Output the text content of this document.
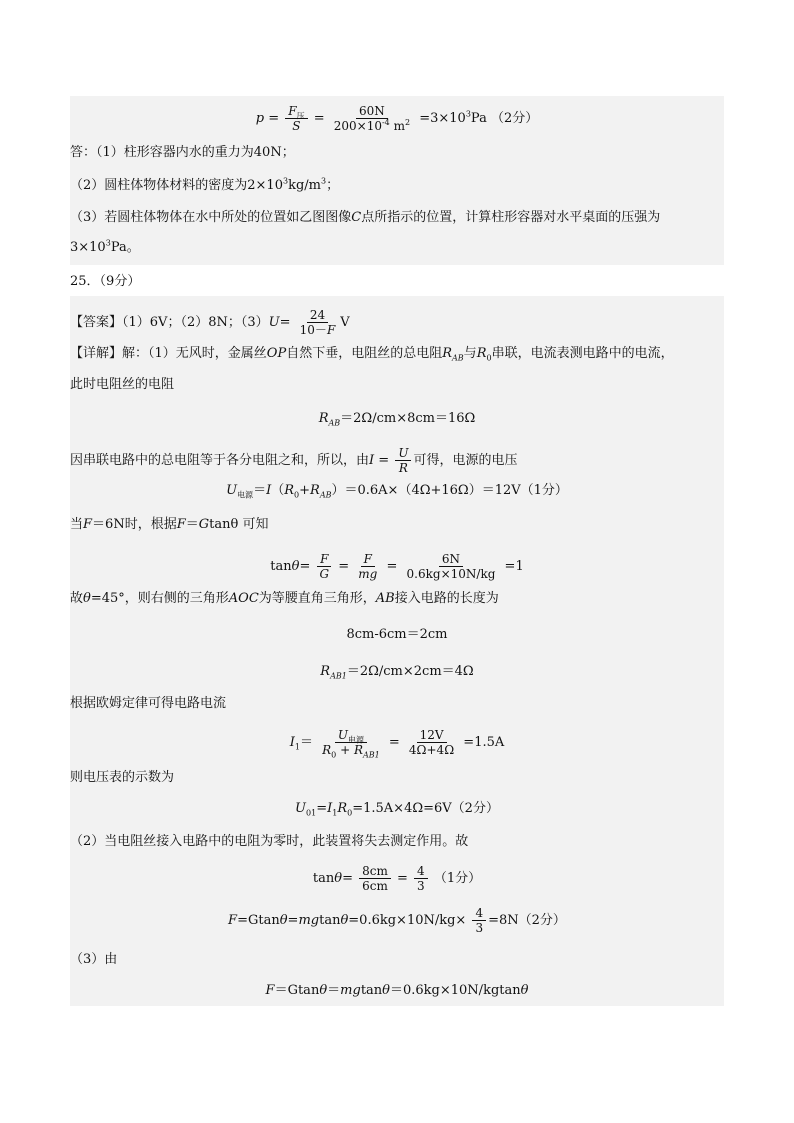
$p = \frac{F_压}{S} = \frac{60N}{200\times 10^{-4} m^2} =3\times 10^3Pa$ （2分）
答：（1）柱形容器内水的重力为40N；
（2）圆柱体物体材料的密度为$2\times 10^3kg/m^3$；
（3）若圆柱体物体在水中所处的位置如乙图图像C点所指示的位置，计算柱形容器对水平桌面的压强为
$3\times 10^3Pa$。
25．（9分）
【答案】（1）6V；（2）8N；$(3)U= \frac{24}{10-F}$ V
【详解】解：（1）无风时，金属丝OP自然下垂，电阻丝的总电阻$R_{AB}$与$R_0$串联，电流表测电路中的电流，
此时电阻丝的电阻
$R_{AB}=2\Omega/cm\times 8cm=16\Omega$
因串联电路中的总电阻等于各分电阻之和，所以，由$I = \frac{U}{R}$ 可得，电源的电压
$U_{电源}=I(R_0+R_{AB})=0.6A\times(4\Omega+16\Omega)=12V(1$分）
当F＝6N时，根据F＝Gtanθ 可知
$\tan\theta= \frac{F}{G} = \frac{F}{mg} = \frac{6N}{0.6kg\times 10N/kg} =1$
故θ=45°，则右侧的三角形AOC为等腰直角三角形，AB接入电路的长度为
8cm-6cm＝2cm
$R_{AB1}=2\Omega/cm\times 2cm=4\Omega$
根据欧姆定律可得电路电流
$I_1= \frac{U_{电源}}{R_0 + R_{AB1}} = \frac{12V}{4\Omega+4\Omega} =1.5A$
则电压表的示数为
$U_{01}=I_1R_0=1.5A\times 4\Omega=6V(2$分）
（2）当电阻丝接入电路中的电阻为零时，此装置将失去测定作用。故
$\tan\theta= \frac{8cm}{6cm} = \frac{4}{3} (1$分）
$F=Gtan\theta=mgtan\theta=0.6kg\times 10N/kg\times \frac{4}{3} =8N(2$分）
（3）由
F＝Gtanθ＝mgtanθ＝0.6kg×10N/kgtanθ
